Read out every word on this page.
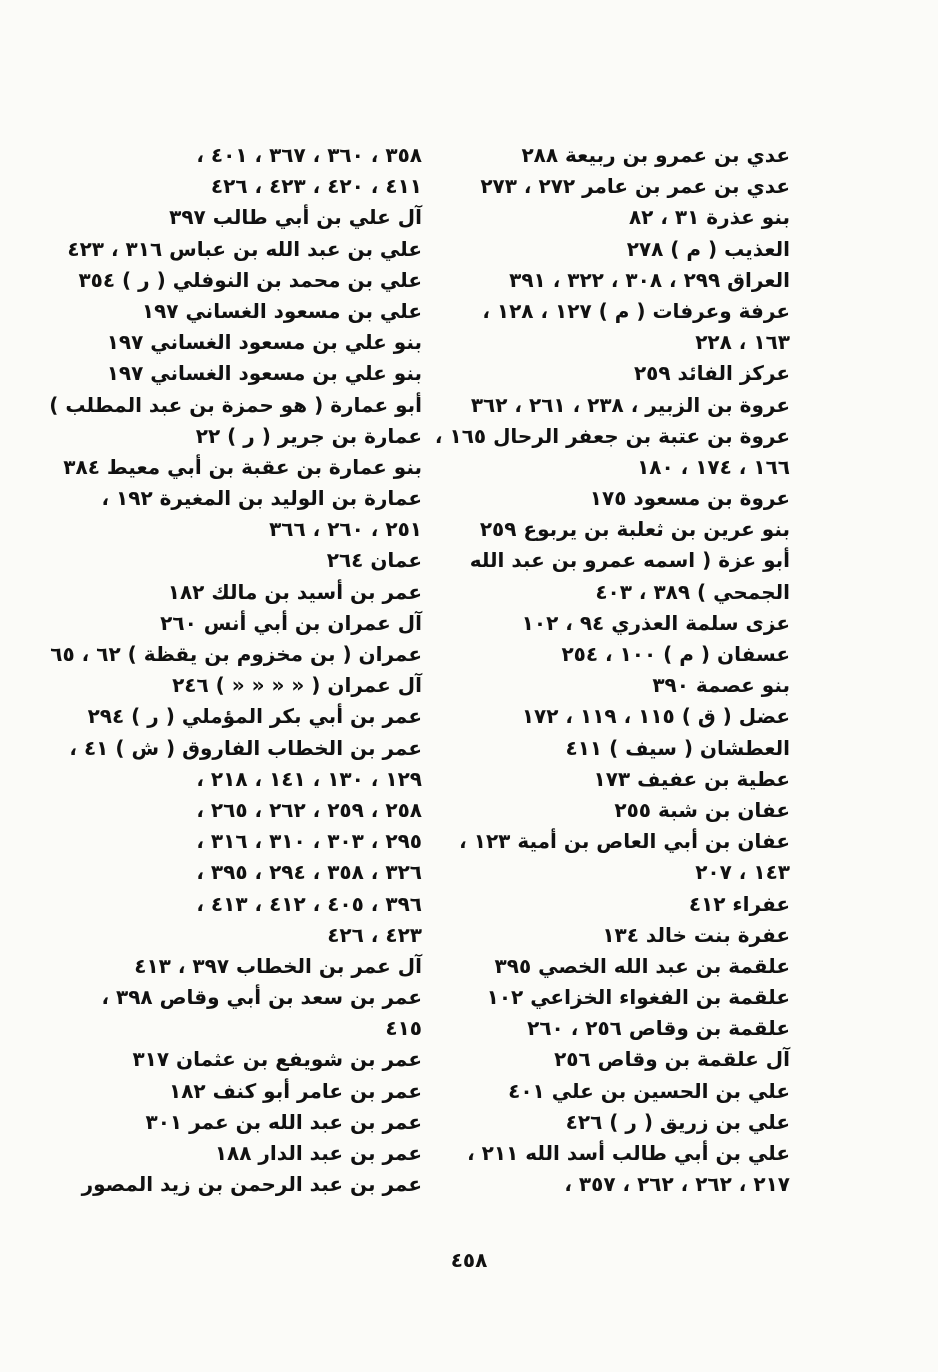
عدي بن عمرو بن ربيعة ٢٨٨
عدي بن عمر بن عامر ٢٧٢ ، ٢٧٣
بنو عذرة ٣١ ، ٨٢
العذيب ( م ) ٢٧٨
العراق ٢٩٩ ، ٣٠٨ ، ٣٢٢ ، ٣٩١
عرفة وعرفات ( م ) ١٢٧ ، ١٢٨ ،
١٦٣ ، ٢٢٨
عركز الفائد ٢٥٩
عروة بن الزبير ، ٢٣٨ ، ٢٦١ ، ٣٦٢
عروة بن عتبة بن جعفر الرحال ١٦٥ ،
١٦٦ ، ١٧٤ ، ١٨٠
عروة بن مسعود ١٧٥
بنو عرين بن ثعلبة بن يربوع ٢٥٩
أبو عزة ( اسمه عمرو بن عبد الله
الجمحي ) ٣٨٩ ، ٤٠٣
عزى سلمة العذري ٩٤ ، ١٠٢
عسفان ( م ) ١٠٠ ، ٢٥٤
بنو عصمة ٣٩٠
عضل ( ق ) ١١٥ ، ١١٩ ، ١٧٢
العطشان ( سيف ) ٤١١
عطية بن عفيف ١٧٣
عفان بن شبة ٢٥٥
عفان بن أبي العاص بن أمية ١٢٣ ،
١٤٣ ، ٢٠٧
عفراء ٤١٢
عفرة بنت خالد ١٣٤
علقمة بن عبد الله الخصي ٣٩٥
علقمة بن الفغواء الخزاعي ١٠٢
علقمة بن وقاص ٢٥٦ ، ٢٦٠
آل علقمة بن وقاص ٢٥٦
علي بن الحسين بن علي ٤٠١
علي بن زريق ( ر ) ٤٢٦
علي بن أبي طالب أسد الله ٢١١ ،
٢١٧ ، ٢٦٢ ، ٢٦٢ ، ٣٥٧ ،
٣٥٨ ، ٣٦٠ ، ٣٦٧ ، ٤٠١ ،
٤١١ ، ٤٢٠ ، ٤٢٣ ، ٤٢٦
آل علي بن أبي طالب ٣٩٧
علي بن عبد الله بن عباس ٣١٦ ، ٤٢٣
علي بن محمد بن النوفلي ( ر ) ٣٥٤
علي بن مسعود الغساني ١٩٧
بنو علي بن مسعود الغساني ١٩٧
بنو علي بن مسعود الغساني ١٩٧
أبو عمارة ( هو حمزة بن عبد المطلب )
عمارة بن جرير ( ر ) ٢٢
بنو عمارة بن عقبة بن أبي معيط ٣٨٤
عمارة بن الوليد بن المغيرة ١٩٢ ،
٢٥١ ، ٢٦٠ ، ٣٦٦
عمان ٢٦٤
عمر بن أسيد بن مالك ١٨٢
آل عمران بن أبي أنس ٢٦٠
عمران ( بن مخزوم بن يقظة ) ٦٢ ، ٦٥
آل عمران ( « « « « ) ٢٤٦
عمر بن أبي بكر المؤملي ( ر ) ٢٩٤
عمر بن الخطاب الفاروق ( ش ) ٤١ ،
١٢٩ ، ١٣٠ ، ١٤١ ، ٢١٨ ،
٢٥٨ ، ٢٥٩ ، ٢٦٢ ، ٢٦٥ ،
٢٩٥ ، ٣٠٣ ، ٣١٠ ، ٣١٦ ،
٣٢٦ ، ٣٥٨ ، ٢٩٤ ، ٣٩٥ ،
٣٩٦ ، ٤٠٥ ، ٤١٢ ، ٤١٣ ،
٤٢٣ ، ٤٢٦
آل عمر بن الخطاب ٣٩٧ ، ٤١٣
عمر بن سعد بن أبي وقاص ٣٩٨ ،
٤١٥
عمر بن شويفع بن عثمان ٣١٧
عمر بن عامر أبو كنف ١٨٢
عمر بن عبد الله بن عمر ٣٠١
عمر بن عبد الدار ١٨٨
عمر بن عبد الرحمن بن زيد المصور
٤٥٨
